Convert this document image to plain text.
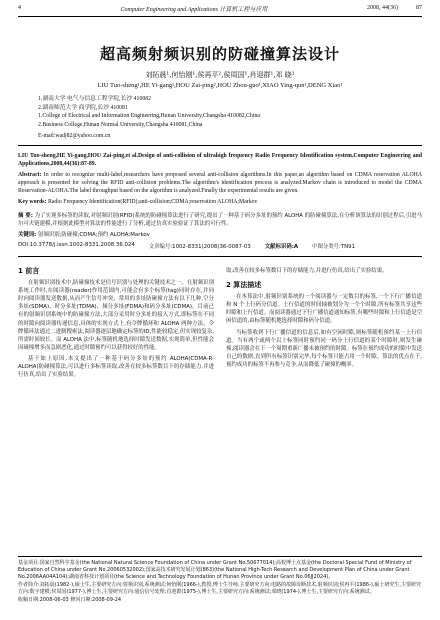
4	Computer Engineering and Applications 计算机工程与应用	2008, 44(36)	87
超高频射频识别的防碰撞算法设计
刘拓晨¹,何怡刚¹,侯再平²,侯周国¹,肖迎群¹,邓 晓¹
LIU Tuo-sheng¹,HE Yi-gang¹,HOU Zai-ping²,HOU Zhou-guo¹,XIAO Ying-qun¹,DENG Xiao¹
1.湖南大学 电气与信息工程学院,长沙 410082
2.湖南师范大学 商学院,长沙 410081
1.College of Electrical and Information Engineering,Hunan University,Changsha 410082,China
2.Business College,Hunan Normal University,Changsha 410081,China
E-mail:wadj82@yahoo.com.cn
LIU Tuo-sheng,HE Yi-gang,HOU Zai-ping,et al.Design of anti-collision of ultrahigh frequency Radio Frequency Identification system.Computer Engineering and Applications,2008,44(36):87-89.
Abstract: In order to recognize multi-label,researchers have proposed several anti-collision algorithms.In this paper,an algorithm based on CDMA reservation ALOHA approach is presented for solving the RFID anti-collision problems.The algorithm's identification process is analyzed.Markov chain is introduced to model the CDMA Reservation-ALOHA.The label throughput based on the algorithm is analyzed.Finally the experimental results are given.
Key words: Radio Frequency Identification(RFID);anti-collision;CDMA;reservation ALOHA;Markov
摘 要: 为了实现多标签的读取,对射频识别(RFID)系统的防碰撞算法进行了研究,提出了一种基于码分多址的预约 ALOHA 的防碰撞算法,在分析该算法的识别过程后,引进马尔可夫链建模,并根据此模型对算法的性能进行了分析,通过仿真实验验证了算法的可行性。
关键词: 射频识别;防碰撞;CDMA;预约 ALOHA;Markov
DOI:10.3778/j.issn.1002-8331.2008.36.024	文章编号:1002-8331(2008)36-0087-03	文献标识码:A	中图分类号:TN91
1 前言

在射频识别技术中,防碰撞技术是信号识别与处理的关键技术之一。在射频识别系统工作时,在阅读器(reader)作用范围内,可能会有多个标签(tag)同时存在,并同时向阅读器发送数据,从而产生信号冲突。常用的多址防碰撞方法有以下几种,空分多址(SDMA)、时分多址(TDMA)、频分多址(FDMA)和码分多址(CDMA)。目前已有的射频识别系统中的防碰撞方法,大部分采用时分多址的接入方式,即标签在不同的时隙向阅读器传递信息,具体的实现方式上,有令牌循环和 ALOHA 两种方法。令牌循环法通过二进制搜索法,阅读器逐层地确定标签的ID,性能较稳定,但实现较复杂,所需时间较长。而 ALOHA 法中,标签随机地选择时隙发送数据,实现简单,但性能会因碰撞增多而急剧恶化,通过时隙预约可以获得较好的性能。

基于如上原因,本文提出了一种基于码分多址的预约 ALOHA(CDMA-R-ALOHA)防碰撞算法,可以进行多标签读取,改善在较多标签数目下的存储能力,并进行仿真,给出了实验结果。

取,改善在较多标签数目下的存储能力,并进行仿真,给出了实验结果。

2 算法描述

在本算法中,射频识别系统的一个阅读器与一定数目的标签,一个下行广播信道和 N 个上行码分信道。上行信道的时间轴被划分为一个个时隙,所有标签共享这些时隙和上行信道。而阅读器通过下行广播信道通知标签,有哪些时隙和上行信道是空闲信道的,由标签随机地选择时隙和码分信道。

当标签收到下行广播信道的信息后,如有空闲时隙,则标签随机预约某一上行信道。当有两个或两个以上标签同时预约同一码分上行信道的某个时隙时,则发生碰撞,阅读器会在下一个周期重新广播未被预约的时隙。标签在预约成功的时隙中发送自己的数据,直到所有标签识别完毕,每个标签只能占用一个时隙。算法的优点在于,预约成功的标签不再参与竞争,从而降低了碰撞的概率。

基金项目:国家自然科学基金(the National Natural Science Foundation of China under Grant No.50677014);高校博士点基金(the Doctoral Special Fund of Ministry of Education of China under Grant No.20060532002);国家高技术研究发展计划(863)(the National High-Tech Research and Development Plan of China under Grant No.2006AA04A104);湖南省科技计划项目(the Science and Technology Foundation of Hunan Province under Grant No.06JJ2024)。

作者简介:刘拓晨(1982-),硕士生,主要研究方向:射频识别,系统测试;何怡刚(1966-),教授,博士生导师,主要研究方向:电路的故障诊断技术,射频识别;侯再平(1986-),硕士研究生,主要研究方向:数字建模;侯周国(1977-),博士生,主要研究方向:通信信号处理;肖迎群(1975-),博士生,主要研究方向:系统测试;邓晓(1974-),博士生,主要研究方向:系统测试。

收稿日期:2008-06-03 修回日期:2008-09-24
